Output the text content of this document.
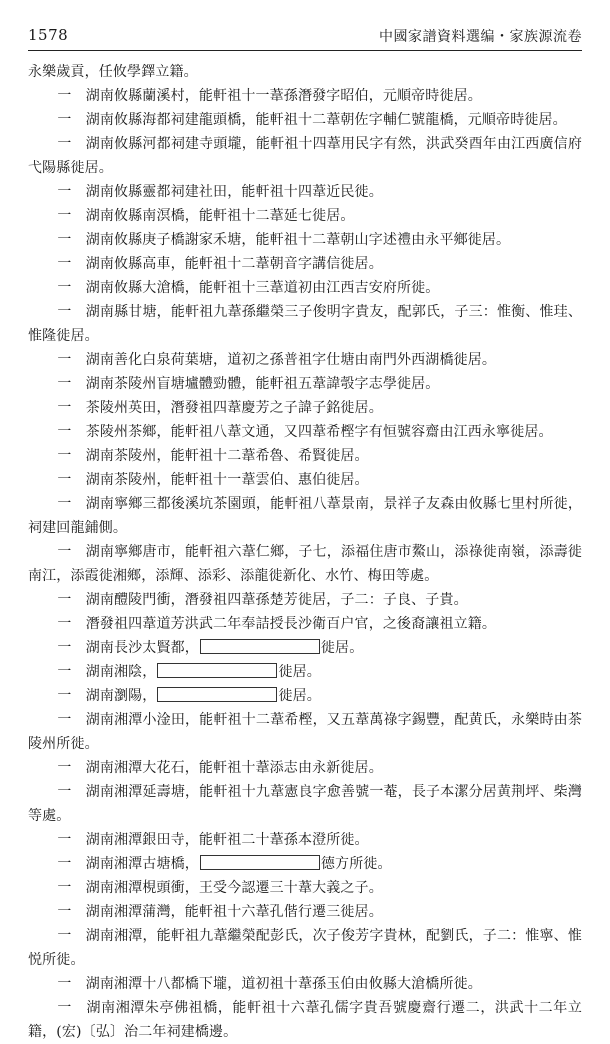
1578	中國家譜資料選编・家族源流卷

永樂歲貢，任攸學鐸立籍。

一　湖南攸縣蘭溪村，能軒祖十一葦孫潛發字昭伯，元順帝時徙居。

一　湖南攸縣海都祠建龍頭橋，能軒祖十二葦朝佐字輔仁號龍橋，元順帝時徙居。

一　湖南攸縣河都祠建寺頭壠，能軒祖十四葦用民字有然，洪武癸酉年由江西廣信府弋陽縣徙居。

一　湖南攸縣靈都祠建社田，能軒祖十四葦近民徙。

一　湖南攸縣南溟橋，能軒祖十二葦延七徙居。

一　湖南攸縣庚子橋謝家禾塘，能軒祖十二葦朝山字述禮由永平鄉徙居。

一　湖南攸縣高車，能軒祖十二葦朝音字講信徙居。

一　湖南攸縣大滄橋，能軒祖十三葦道初由江西吉安府所徙。

一　湖南縣甘塘，能軒祖九葦孫繼榮三子俊明字貴友，配郭氏，子三：惟衡、惟珪、惟隆徙居。

一　湖南善化白泉荷葉塘，道初之孫普祖字仕塘由南門外西湖橋徙居。

一　湖南茶陵州盲塘壚體勁體，能軒祖五葦諱彀字志學徙居。

一　茶陵州英田，潛發祖四葦慶芳之子諱子銘徙居。

一　茶陵州茶鄉，能軒祖八葦文通，又四葦希樫字有恒號容齋由江西永寧徙居。

一　湖南茶陵州，能軒祖十二葦希魯、希賢徙居。

一　湖南茶陵州，能軒祖十一葦雲伯、惠伯徙居。

一　湖南寧鄉三都後溪坑茶園頭，能軒祖八葦景南，景祥子友森由攸縣七里村所徙，祠建回龍鋪側。

一　湖南寧鄉唐市，能軒祖六葦仁鄉，子七，添福住唐市鰲山，添祿徙南嶺，添壽徙南江，添霞徙湘鄉，添輝、添彩、添龍徙新化、水竹、梅田等處。

一　湖南醴陵門衝，潛發祖四葦孫楚芳徙居，子二：子良、子貴。

一　潛發祖四葦道芳洪武二年奉詰授長沙衛百户官，之後裔讓祖立籍。

一　湖南長沙太賢都，	徙居。

一　湖南湘陰，	徙居。

一　湖南瀏陽，	徙居。

一　湖南湘潭小淦田，能軒祖十二葦希樫，又五葦萬祿字錫豐，配黄氏，永樂時由茶陵州所徙。

一　湖南湘潭大花石，能軒祖十葦添志由永新徙居。

一　湖南湘潭延壽塘，能軒祖十九葦憲良字愈善號一菴，長子本潔分居黄荆坪、柴灣等處。

一　湖南湘潭銀田寺，能軒祖二十葦孫本澄所徙。

一　湖南湘潭古塘橋，	德方所徙。

一　湖南湘潭梘頭衝，王受今認遷三十葦大義之子。

一　湖南湘潭蒲灣，能軒祖十六葦孔偕行遷三徙居。

一　湖南湘潭，能軒祖九葦繼榮配彭氏，次子俊芳字貴林，配劉氏，子二：惟寧、惟悦所徙。

一　湖南湘潭十八都橋下壠，道初祖十葦孫玉伯由攸縣大滄橋所徙。

一　湖南湘潭朱亭佛祖橋，能軒祖十六葦孔儒字貴吾號慶齋行遷二，洪武十二年立籍，(宏)〔弘〕治二年祠建橋邊。
